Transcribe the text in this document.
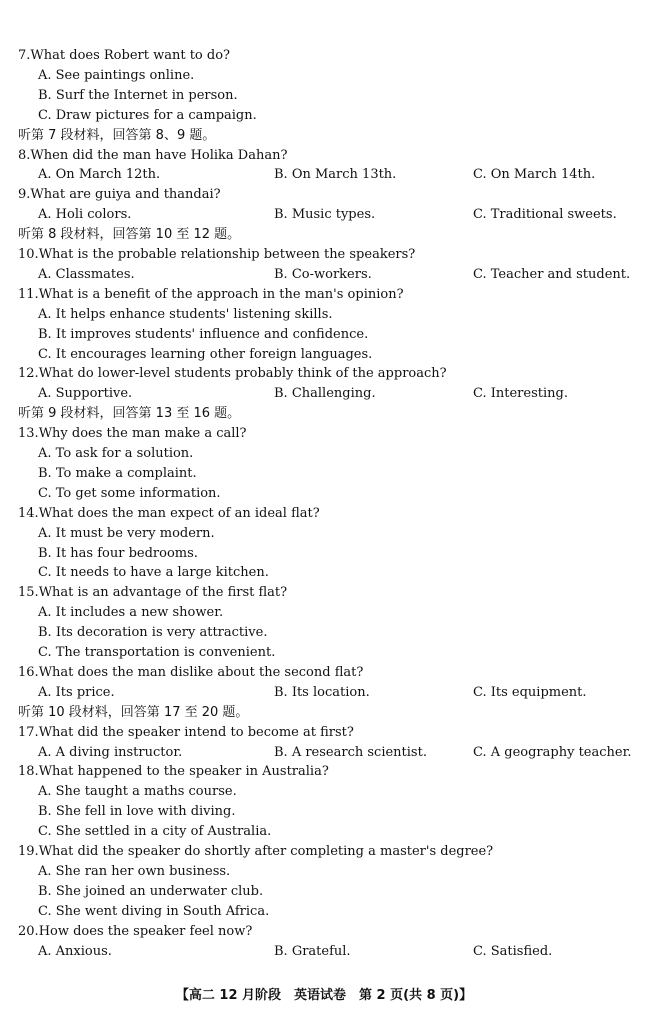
7.What does Robert want to do?
A. See paintings online.
B. Surf the Internet in person.
C. Draw pictures for a campaign.
听第 7 段材料，回答第 8、9 题。
8.When did the man have Holika Dahan?
A. On March 12th.	B. On March 13th.	C. On March 14th.
9.What are guiya and thandai?
A. Holi colors.	B. Music types.	C. Traditional sweets.
听第 8 段材料，回答第 10 至 12 题。
10.What is the probable relationship between the speakers?
A. Classmates.	B. Co-workers.	C. Teacher and student.
11.What is a benefit of the approach in the man's opinion?
A. It helps enhance students' listening skills.
B. It improves students' influence and confidence.
C. It encourages learning other foreign languages.
12.What do lower-level students probably think of the approach?
A. Supportive.	B. Challenging.	C. Interesting.
听第 9 段材料，回答第 13 至 16 题。
13.Why does the man make a call?
A. To ask for a solution.
B. To make a complaint.
C. To get some information.
14.What does the man expect of an ideal flat?
A. It must be very modern.
B. It has four bedrooms.
C. It needs to have a large kitchen.
15.What is an advantage of the first flat?
A. It includes a new shower.
B. Its decoration is very attractive.
C. The transportation is convenient.
16.What does the man dislike about the second flat?
A. Its price.	B. Its location.	C. Its equipment.
听第 10 段材料，回答第 17 至 20 题。
17.What did the speaker intend to become at first?
A. A diving instructor.	B. A research scientist.	C. A geography teacher.
18.What happened to the speaker in Australia?
A. She taught a maths course.
B. She fell in love with diving.
C. She settled in a city of Australia.
19.What did the speaker do shortly after completing a master's degree?
A. She ran her own business.
B. She joined an underwater club.
C. She went diving in South Africa.
20.How does the speaker feel now?
A. Anxious.	B. Grateful.	C. Satisfied.
【高二 12 月阶段　英语试卷　第 2 页(共 8 页)】
